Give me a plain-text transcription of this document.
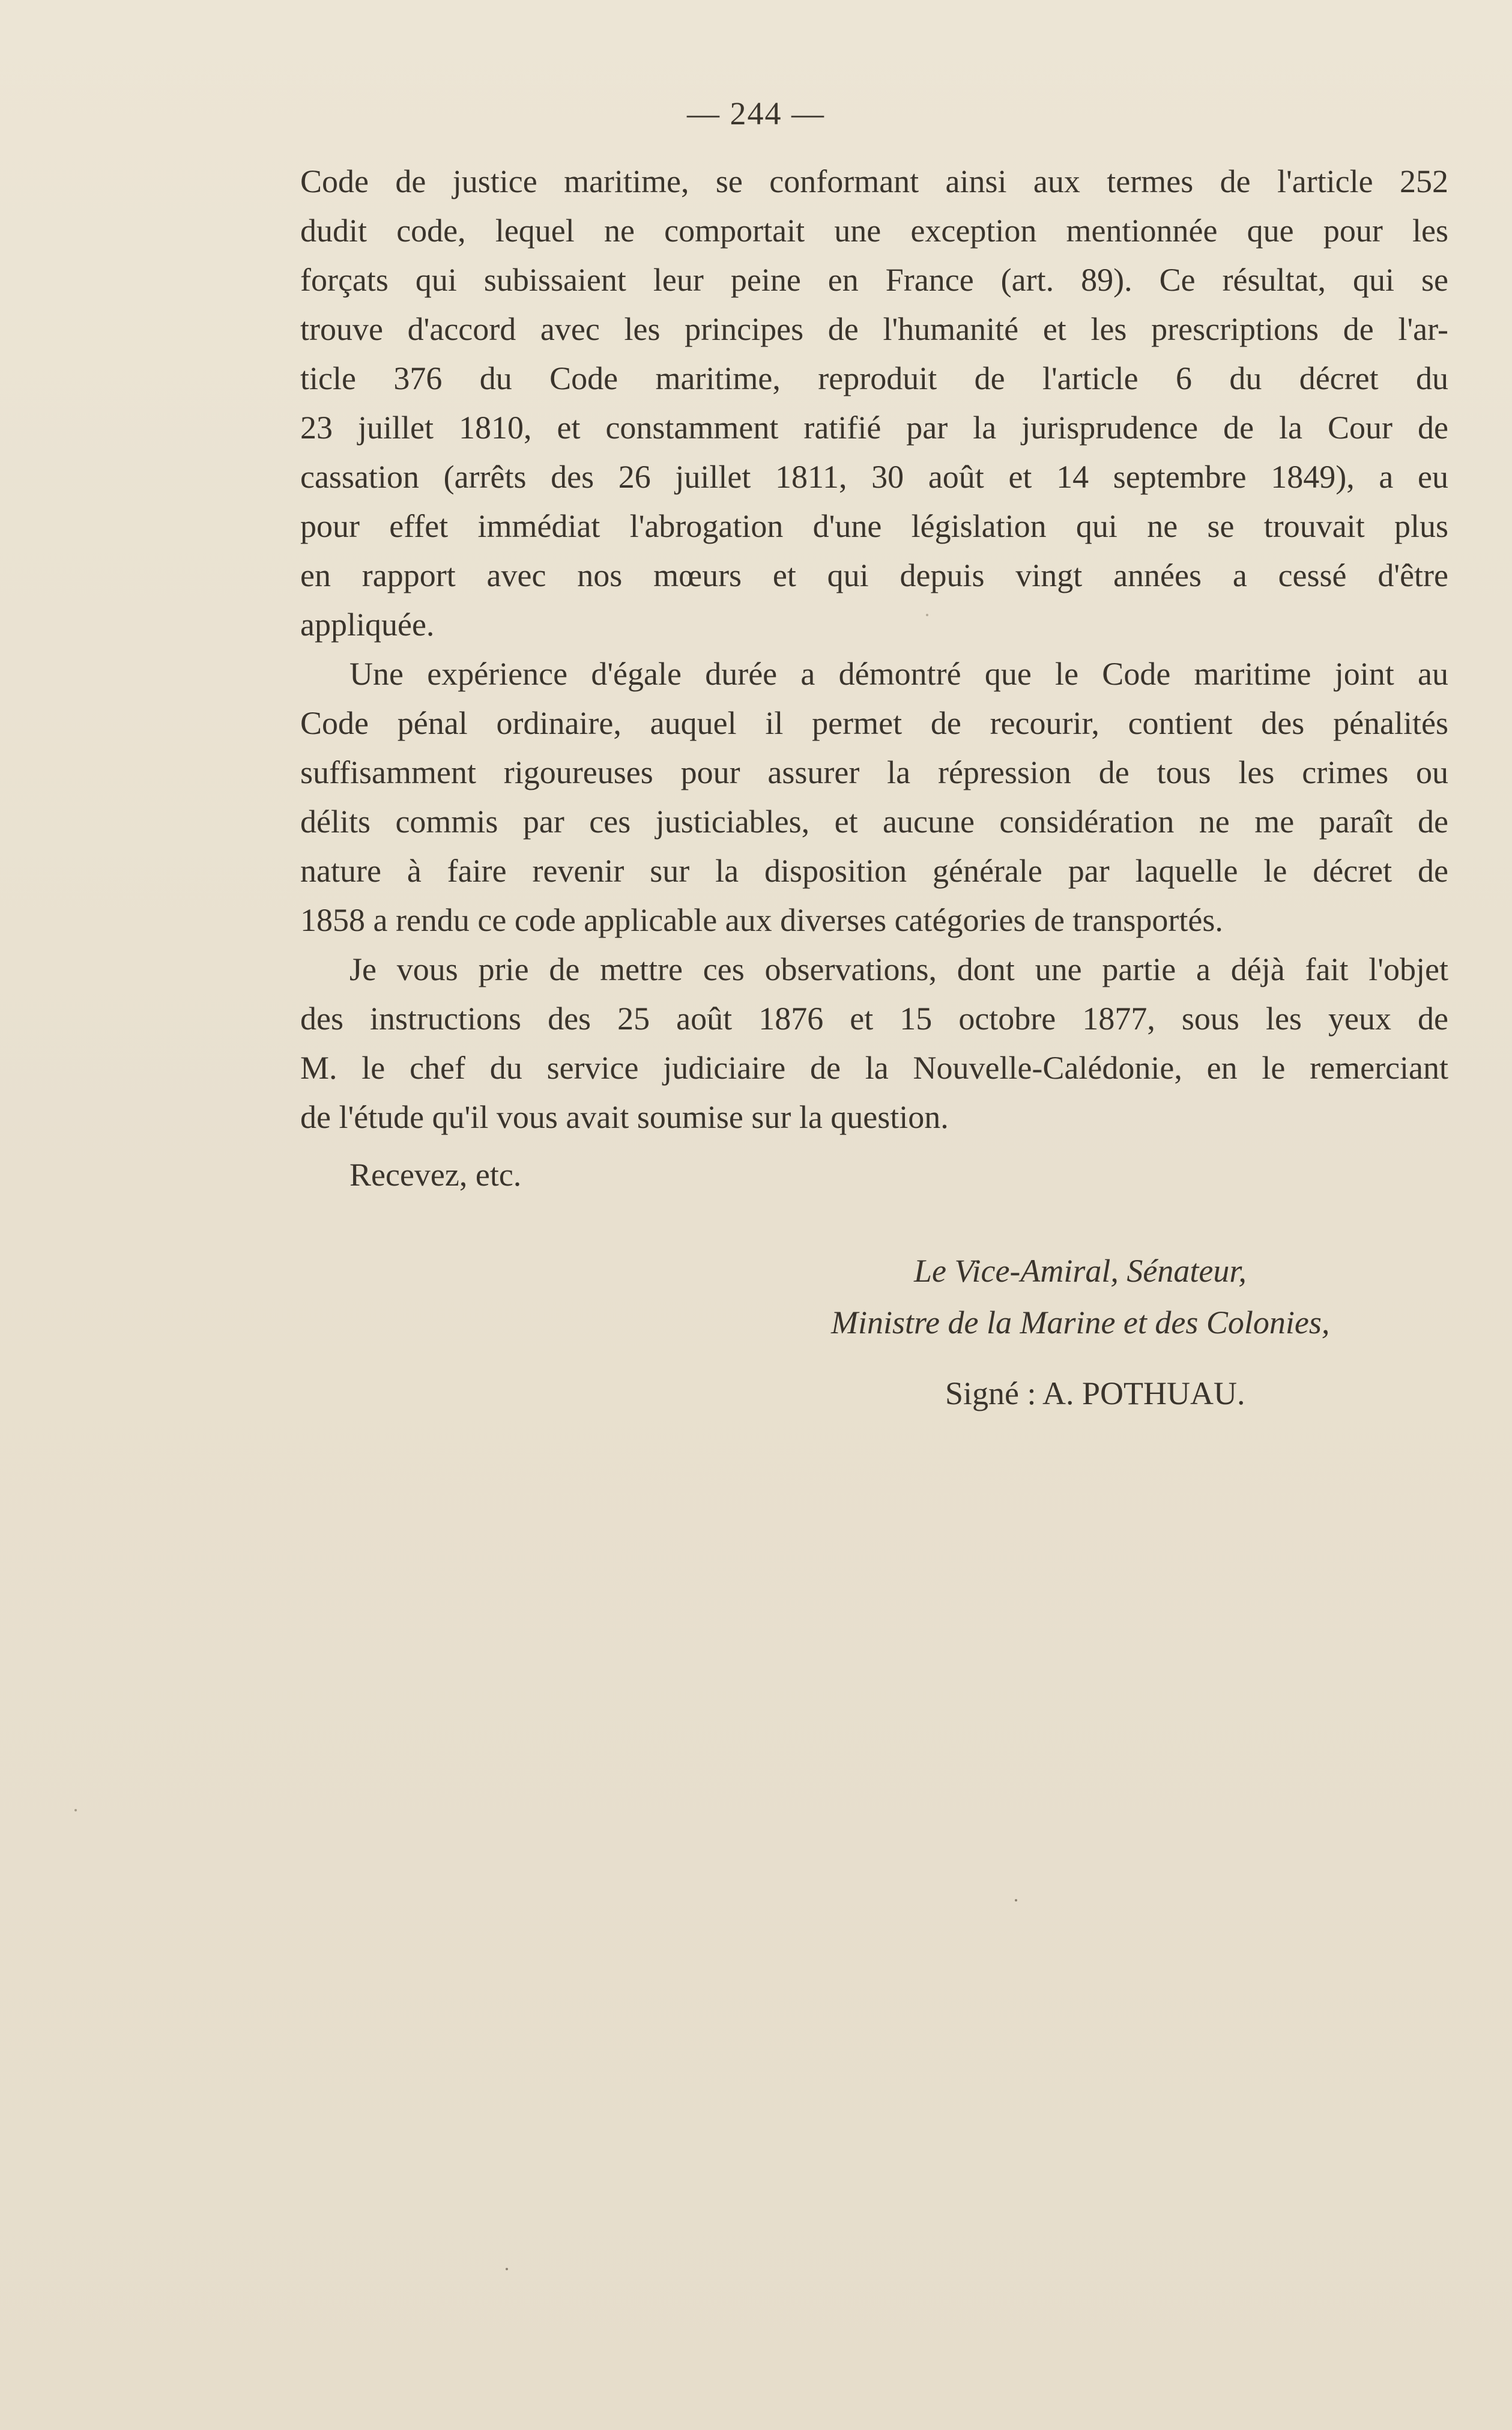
— 244 —
Code de justice maritime, se conformant ainsi aux termes de l'article 252
dudit code, lequel ne comportait une exception mentionnée que pour les
forçats qui subissaient leur peine en France (art. 89). Ce résultat, qui se
trouve d'accord avec les principes de l'humanité et les prescriptions de l'ar-
ticle 376 du Code maritime, reproduit de l'article 6 du décret du
23 juillet 1810, et constamment ratifié par la jurisprudence de la Cour de
cassation (arrêts des 26 juillet 1811, 30 août et 14 septembre 1849), a eu
pour effet immédiat l'abrogation d'une législation qui ne se trouvait plus
en rapport avec nos mœurs et qui depuis vingt années a cessé d'être
appliquée.
Une expérience d'égale durée a démontré que le Code maritime joint au
Code pénal ordinaire, auquel il permet de recourir, contient des pénalités
suffisamment rigoureuses pour assurer la répression de tous les crimes ou
délits commis par ces justiciables, et aucune considération ne me paraît de
nature à faire revenir sur la disposition générale par laquelle le décret de
1858 a rendu ce code applicable aux diverses catégories de transportés.
Je vous prie de mettre ces observations, dont une partie a déjà fait l'objet
des instructions des 25 août 1876 et 15 octobre 1877, sous les yeux de
M. le chef du service judiciaire de la Nouvelle-Calédonie, en le remerciant
de l'étude qu'il vous avait soumise sur la question.
Recevez, etc.
Le Vice-Amiral, Sénateur,
Ministre de la Marine et des Colonies,
Signé : A. POTHUAU.
